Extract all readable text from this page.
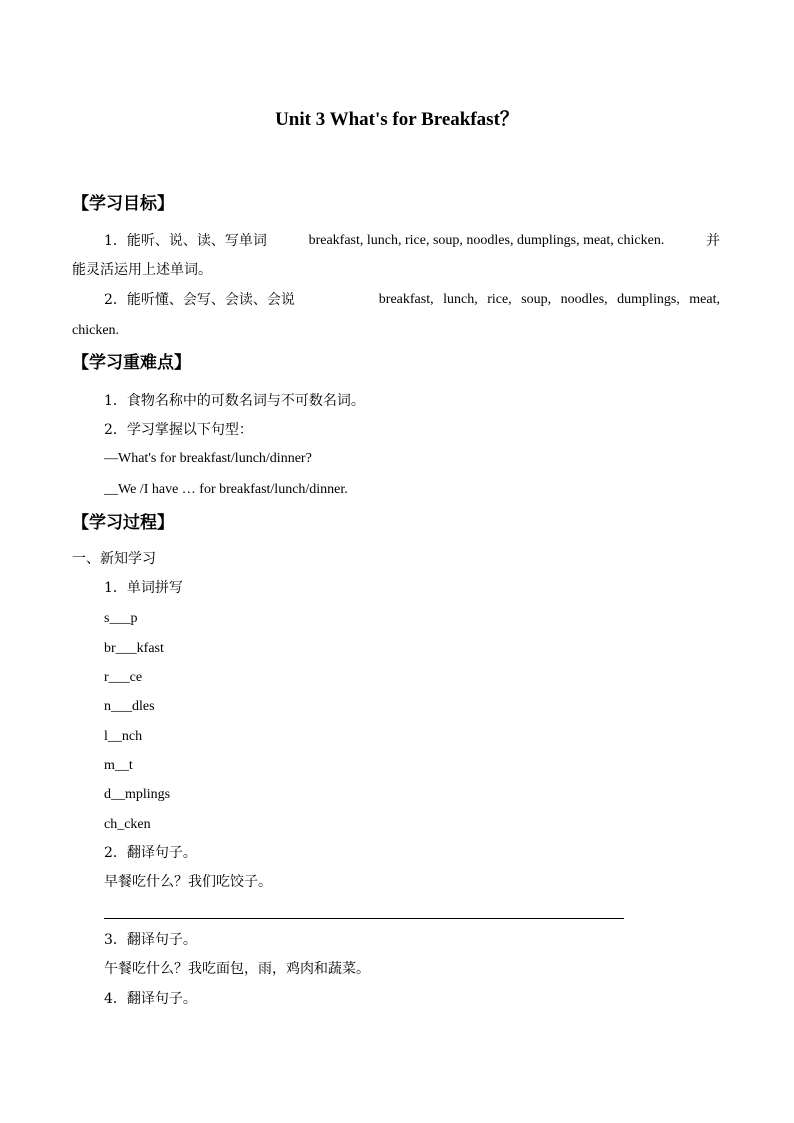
Unit 3 What's for Breakfast？
【学习目标】
1．能听、说、读、写单词	breakfast, lunch, rice, soup, noodles, dumplings, meat, chicken.	并
能灵活运用上述单词。
2．能听懂、会写、会读、会说	breakfast, lunch, rice, soup, noodles, dumplings, meat,
chicken.
【学习重难点】
1．食物名称中的可数名词与不可数名词。
2．学习掌握以下句型：
—What's for breakfast/lunch/dinner?
__We /I have … for breakfast/lunch/dinner.
【学习过程】
一、新知学习
1．单词拼写
s___p
br___kfast
r___ce
n___dles
l__nch
m__t
d__mplings
ch_cken
2．翻译句子。
早餐吃什么？我们吃饺子。
3．翻译句子。
午餐吃什么？我吃面包，雨，鸡肉和蔬菜。
4．翻译句子。
